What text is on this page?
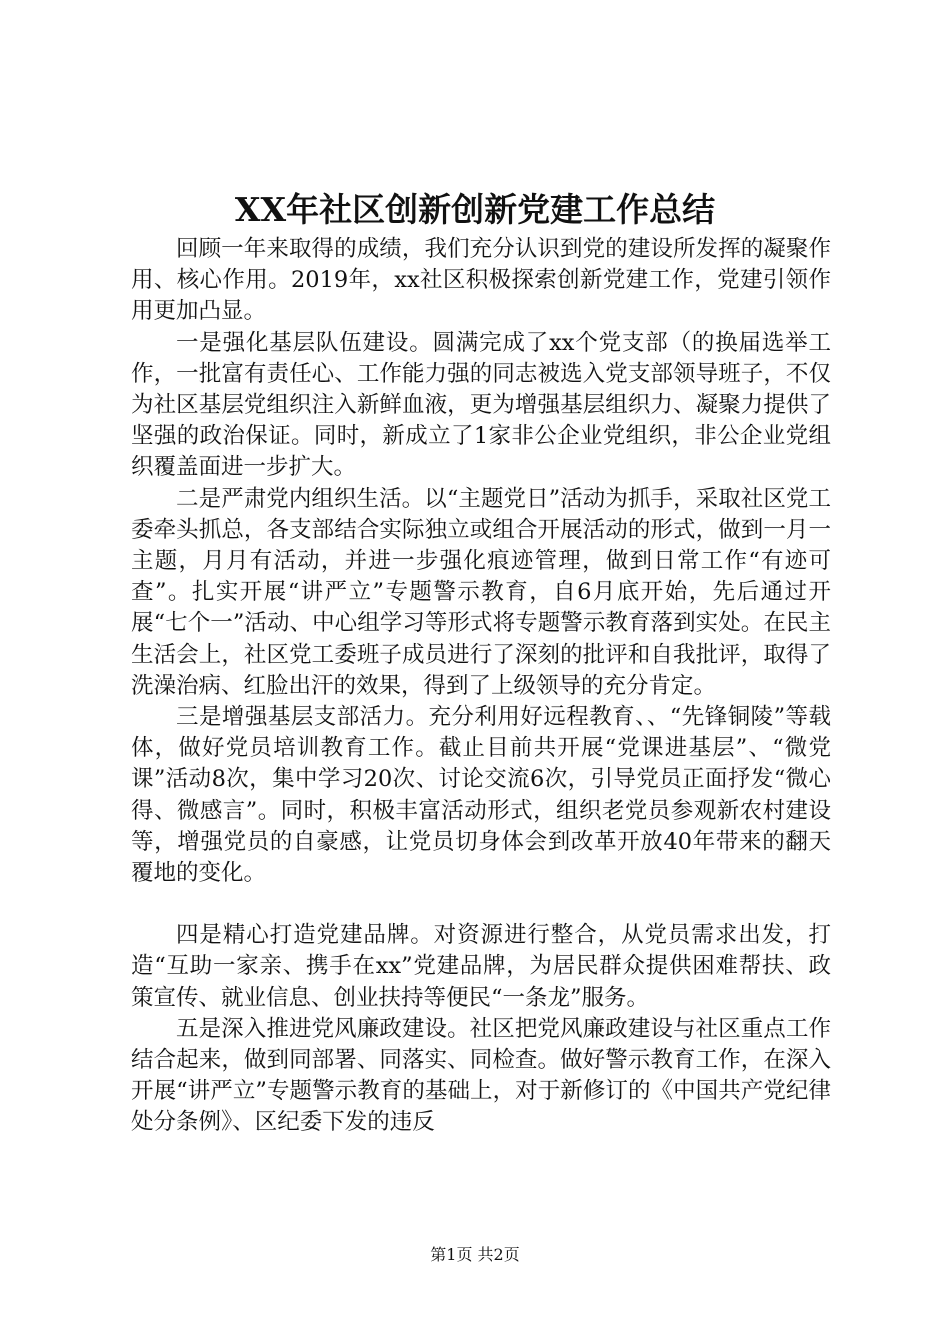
XX年社区创新创新党建工作总结

回顾一年来取得的成绩，我们充分认识到党的建设所发挥的凝聚作用、核心作用。2019年，xx社区积极探索创新党建工作，党建引领作用更加凸显。

一是强化基层队伍建设。圆满完成了xx个党支部（的换届选举工作，一批富有责任心、工作能力强的同志被选入党支部领导班子，不仅为社区基层党组织注入新鲜血液，更为增强基层组织力、凝聚力提供了坚强的政治保证。同时，新成立了1家非公企业党组织，非公企业党组织覆盖面进一步扩大。

二是严肃党内组织生活。以“主题党日”活动为抓手，采取社区党工委牵头抓总，各支部结合实际独立或组合开展活动的形式，做到一月一主题，月月有活动，并进一步强化痕迹管理，做到日常工作“有迹可查”。扎实开展“讲严立”专题警示教育，自6月底开始，先后通过开展“七个一”活动、中心组学习等形式将专题警示教育落到实处。在民主生活会上，社区党工委班子成员进行了深刻的批评和自我批评，取得了洗澡治病、红脸出汗的效果，得到了上级领导的充分肯定。

三是增强基层支部活力。充分利用好远程教育、、“先锋铜陵”等载体，做好党员培训教育工作。截止目前共开展“党课进基层”、“微党课”活动8次，集中学习20次、讨论交流6次，引导党员正面抒发“微心得、微感言”。同时，积极丰富活动形式，组织老党员参观新农村建设等，增强党员的自豪感，让党员切身体会到改革开放40年带来的翻天覆地的变化。

四是精心打造党建品牌。对资源进行整合，从党员需求出发，打造“互助一家亲、携手在xx”党建品牌，为居民群众提供困难帮扶、政策宣传、就业信息、创业扶持等便民“一条龙”服务。

五是深入推进党风廉政建设。社区把党风廉政建设与社区重点工作结合起来，做到同部署、同落实、同检查。做好警示教育工作，在深入开展“讲严立”专题警示教育的基础上，对于新修订的《中国共产党纪律处分条例》、区纪委下发的违反

第1页 共2页
